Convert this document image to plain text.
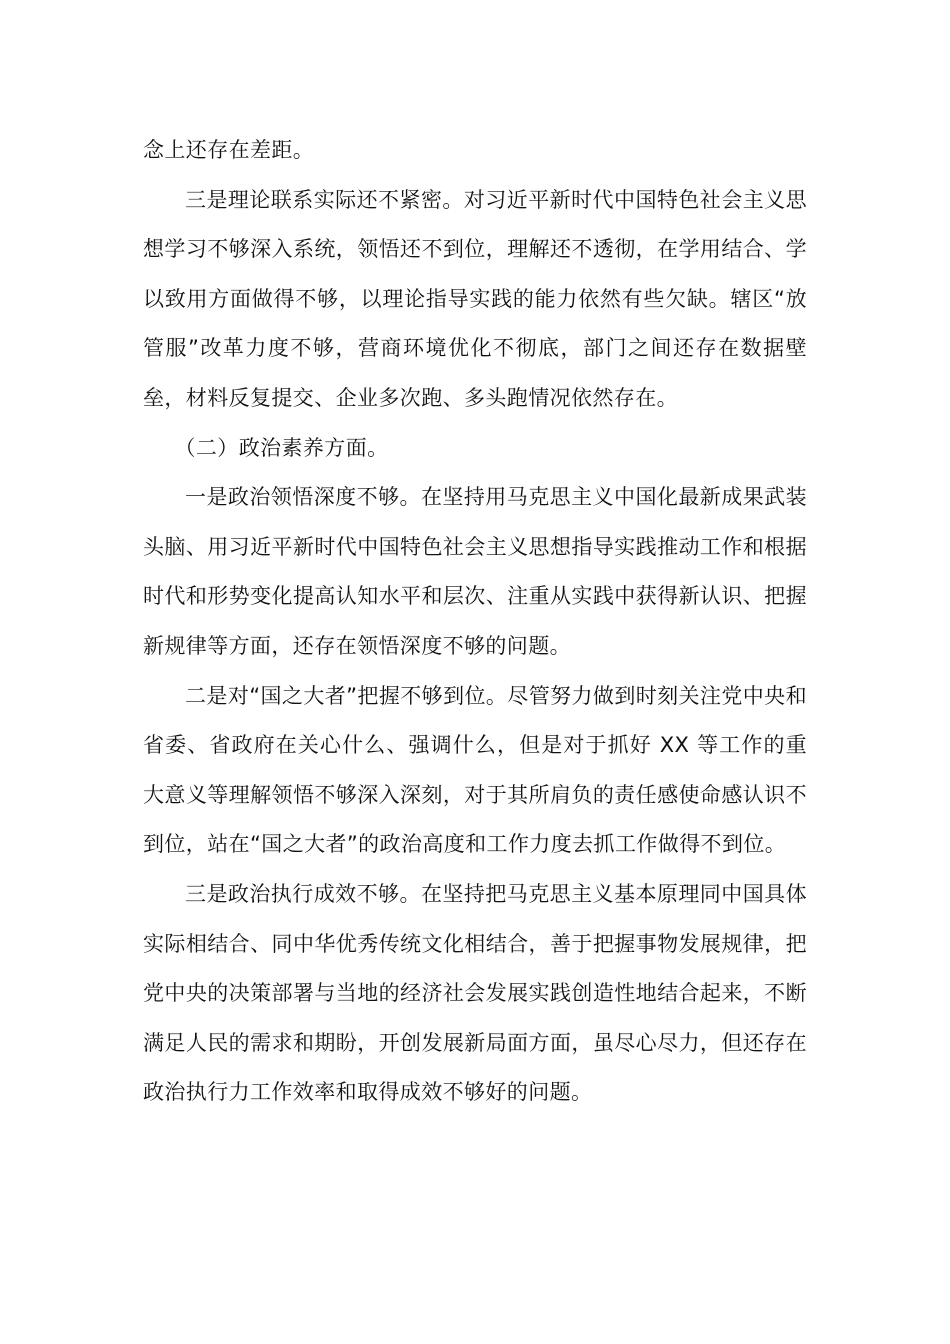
念上还存在差距。

三是理论联系实际还不紧密。对习近平新时代中国特色社会主义思想学习不够深入系统，领悟还不到位，理解还不透彻，在学用结合、学以致用方面做得不够，以理论指导实践的能力依然有些欠缺。辖区“放管服”改革力度不够，营商环境优化不彻底，部门之间还存在数据壁垒，材料反复提交、企业多次跑、多头跑情况依然存在。

（二）政治素养方面。

一是政治领悟深度不够。在坚持用马克思主义中国化最新成果武装头脑、用习近平新时代中国特色社会主义思想指导实践推动工作和根据时代和形势变化提高认知水平和层次、注重从实践中获得新认识、把握新规律等方面，还存在领悟深度不够的问题。

二是对“国之大者”把握不够到位。尽管努力做到时刻关注党中央和省委、省政府在关心什么、强调什么，但是对于抓好 XX 等工作的重大意义等理解领悟不够深入深刻，对于其所肩负的责任感使命感认识不到位，站在“国之大者”的政治高度和工作力度去抓工作做得不到位。

三是政治执行成效不够。在坚持把马克思主义基本原理同中国具体实际相结合、同中华优秀传统文化相结合，善于把握事物发展规律，把党中央的决策部署与当地的经济社会发展实践创造性地结合起来，不断满足人民的需求和期盼，开创发展新局面方面，虽尽心尽力，但还存在政治执行力工作效率和取得成效不够好的问题。
